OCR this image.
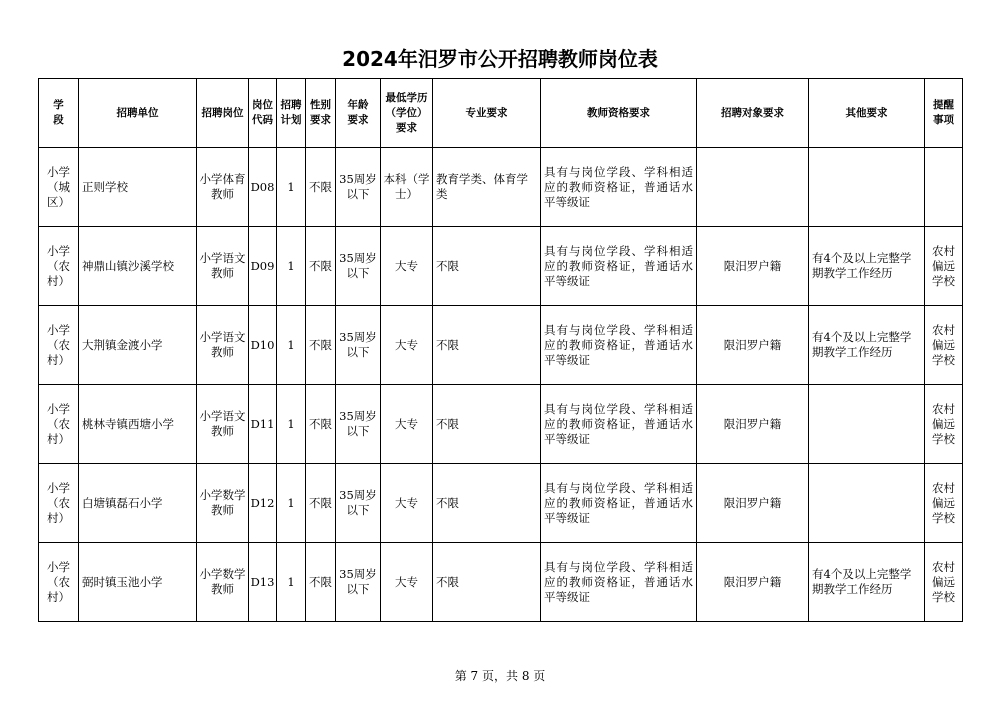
2024年汨罗市公开招聘教师岗位表
学段	招聘单位	招聘岗位	岗位代码	招聘计划	性别要求	年龄要求	最低学历（学位）要求	专业要求	教师资格要求	招聘对象要求	其他要求	提醒事项
小学（城区）	正则学校	小学体育教师	D08	1	不限	35周岁以下	本科（学士）	教育学类、体育学类	具有与岗位学段、学科相适应的教师资格证，普通话水平等级证			
小学（农村）	神鼎山镇沙溪学校	小学语文教师	D09	1	不限	35周岁以下	大专	不限	具有与岗位学段、学科相适应的教师资格证，普通话水平等级证	限汨罗户籍	有4个及以上完整学期教学工作经历	农村偏远学校
小学（农村）	大荆镇金渡小学	小学语文教师	D10	1	不限	35周岁以下	大专	不限	具有与岗位学段、学科相适应的教师资格证，普通话水平等级证	限汨罗户籍	有4个及以上完整学期教学工作经历	农村偏远学校
小学（农村）	桃林寺镇西塘小学	小学语文教师	D11	1	不限	35周岁以下	大专	不限	具有与岗位学段、学科相适应的教师资格证，普通话水平等级证	限汨罗户籍		农村偏远学校
小学（农村）	白塘镇磊石小学	小学数学教师	D12	1	不限	35周岁以下	大专	不限	具有与岗位学段、学科相适应的教师资格证，普通话水平等级证	限汨罗户籍		农村偏远学校
小学（农村）	弼时镇玉池小学	小学数学教师	D13	1	不限	35周岁以下	大专	不限	具有与岗位学段、学科相适应的教师资格证，普通话水平等级证	限汨罗户籍	有4个及以上完整学期教学工作经历	农村偏远学校
第 7 页，共 8 页
